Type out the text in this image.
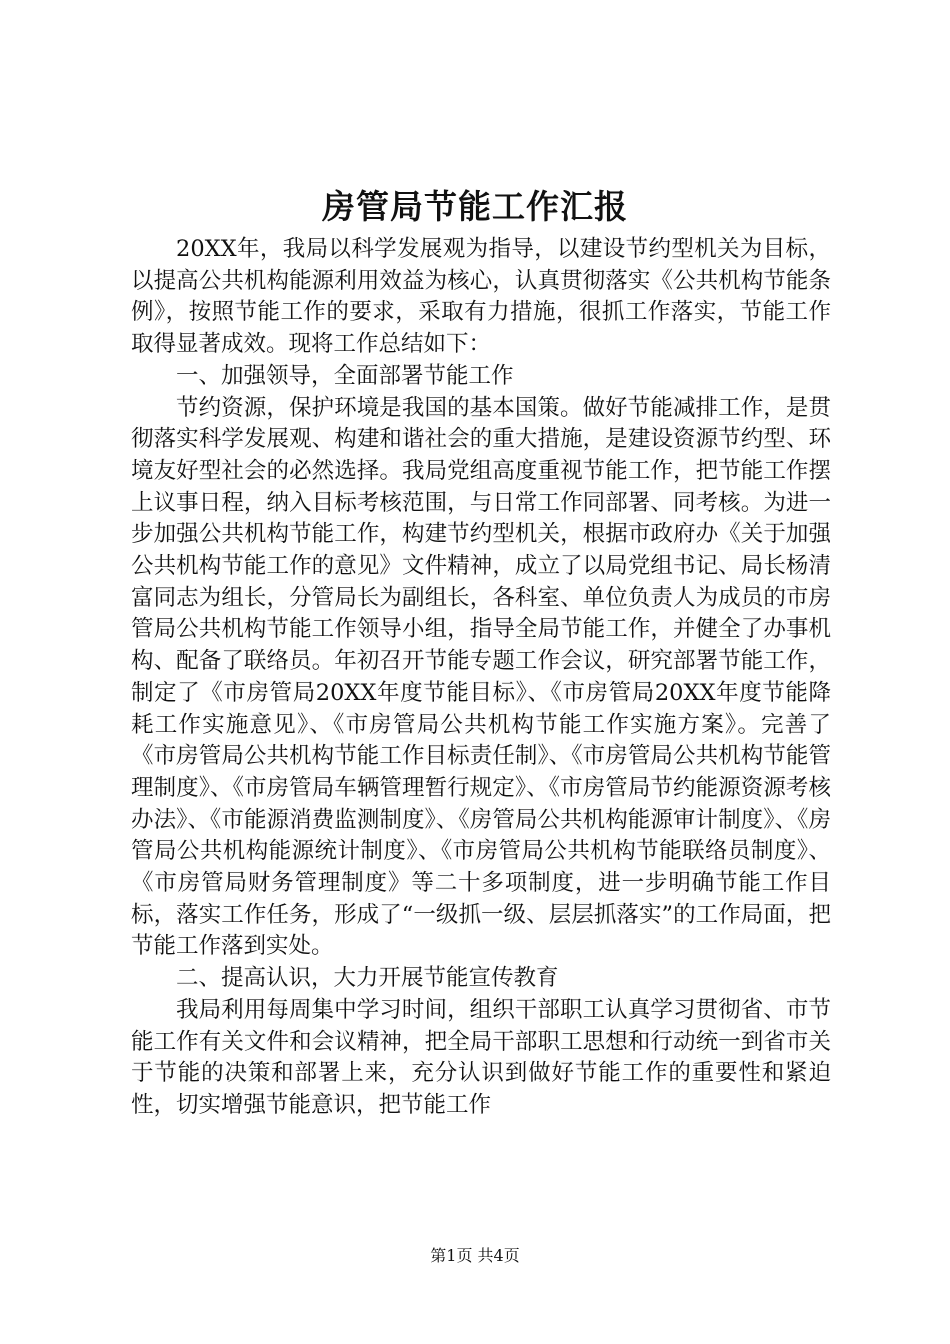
房管局节能工作汇报

20XX年，我局以科学发展观为指导，以建设节约型机关为目标，以提高公共机构能源利用效益为核心，认真贯彻落实《公共机构节能条例》，按照节能工作的要求，采取有力措施，很抓工作落实，节能工作取得显著成效。现将工作总结如下：

一、加强领导，全面部署节能工作

节约资源，保护环境是我国的基本国策。做好节能减排工作，是贯彻落实科学发展观、构建和谐社会的重大措施，是建设资源节约型、环境友好型社会的必然选择。我局党组高度重视节能工作，把节能工作摆上议事日程，纳入目标考核范围，与日常工作同部署、同考核。为进一步加强公共机构节能工作，构建节约型机关，根据市政府办《关于加强公共机构节能工作的意见》文件精神，成立了以局党组书记、局长杨清富同志为组长，分管局长为副组长，各科室、单位负责人为成员的市房管局公共机构节能工作领导小组，指导全局节能工作，并健全了办事机构、配备了联络员。年初召开节能专题工作会议，研究部署节能工作，制定了《市房管局20XX年度节能目标》、《市房管局20XX年度节能降耗工作实施意见》、《市房管局公共机构节能工作实施方案》。完善了《市房管局公共机构节能工作目标责任制》、《市房管局公共机构节能管理制度》、《市房管局车辆管理暂行规定》、《市房管局节约能源资源考核办法》、《市能源消费监测制度》、《房管局公共机构能源审计制度》、《房管局公共机构能源统计制度》、《市房管局公共机构节能联络员制度》、《市房管局财务管理制度》等二十多项制度，进一步明确节能工作目标，落实工作任务，形成了“一级抓一级、层层抓落实”的工作局面，把节能工作落到实处。

二、提高认识，大力开展节能宣传教育

我局利用每周集中学习时间，组织干部职工认真学习贯彻省、市节能工作有关文件和会议精神，把全局干部职工思想和行动统一到省市关于节能的决策和部署上来，充分认识到做好节能工作的重要性和紧迫性，切实增强节能意识，把节能工作

第1页 共4页
